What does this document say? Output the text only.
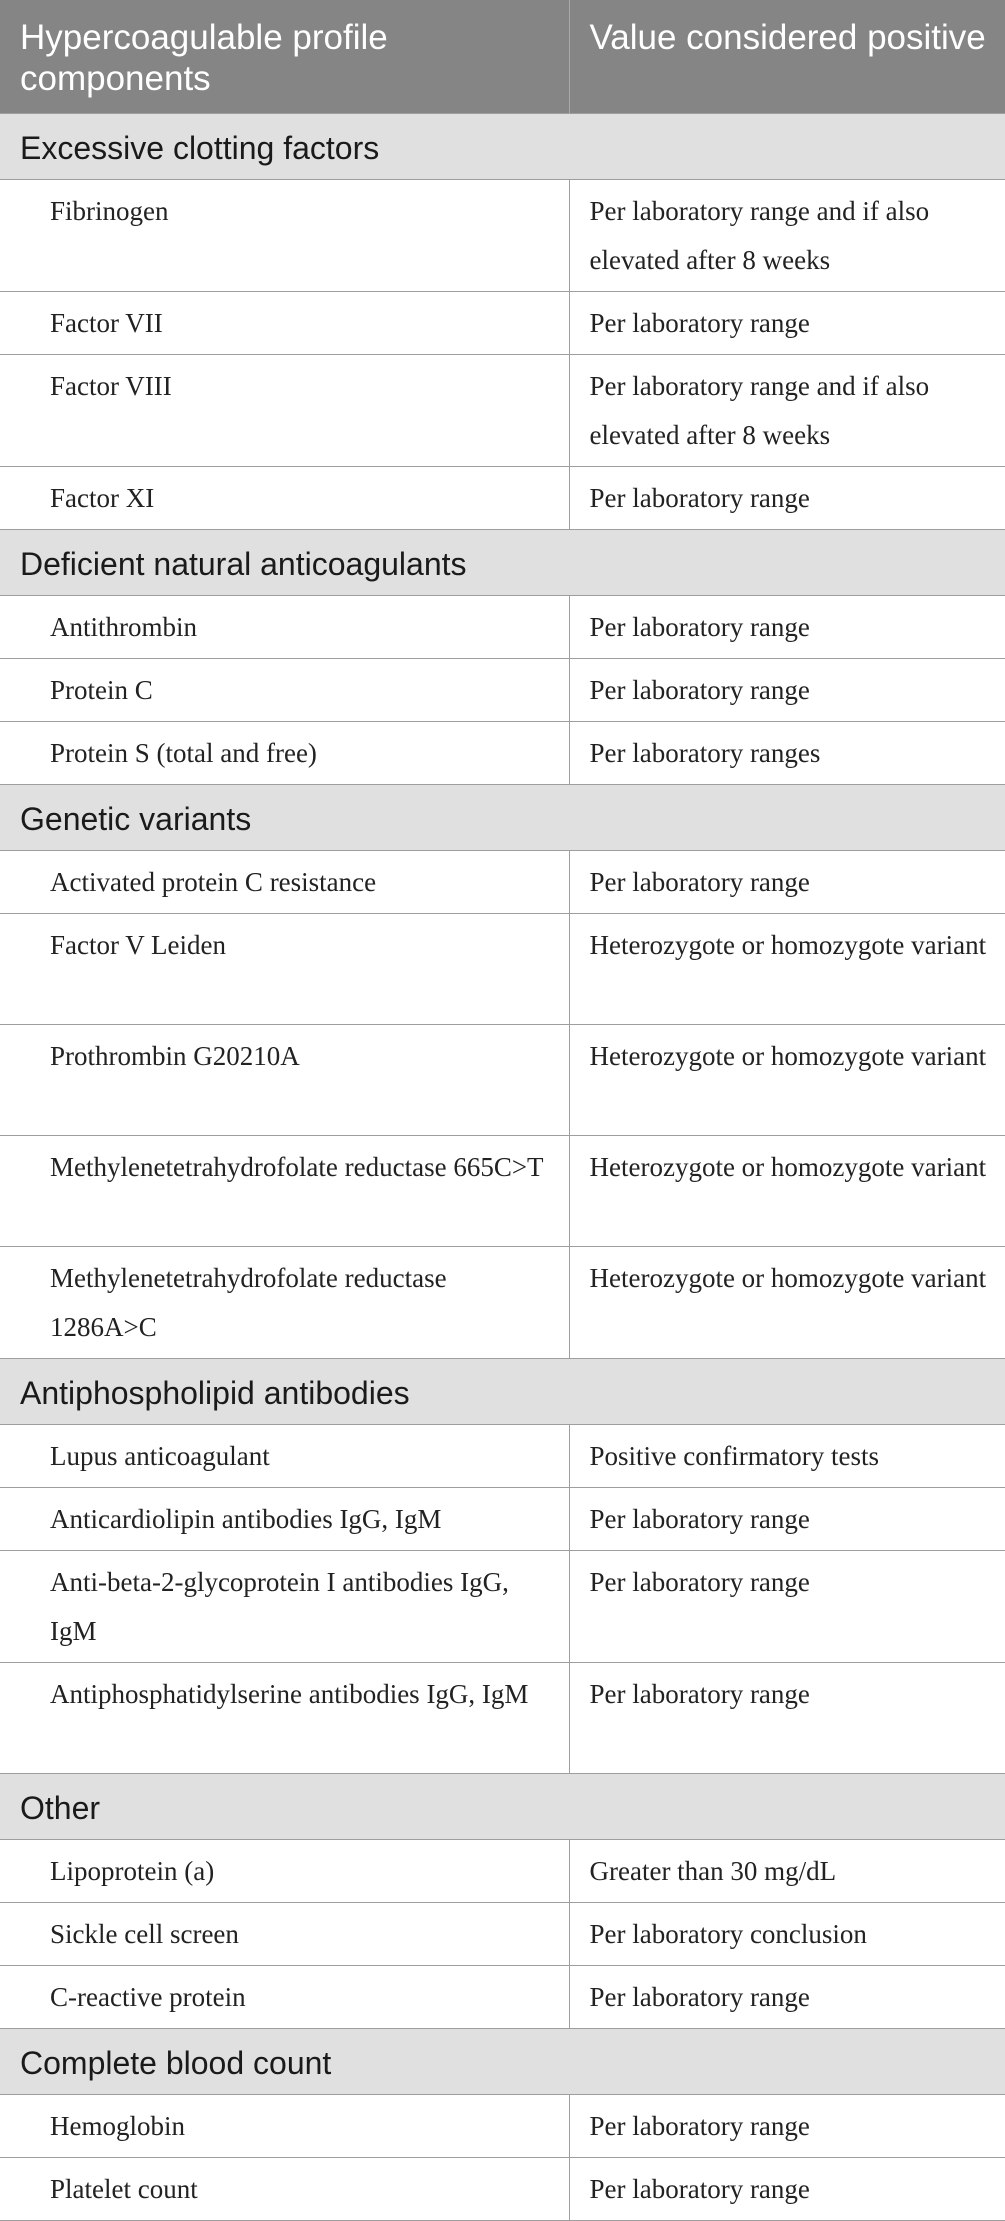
Hypercoagulable profile components	Value considered positive
Excessive clotting factors	
Fibrinogen	Per laboratory range and if also elevated after 8 weeks
Factor VII	Per laboratory range
Factor VIII	Per laboratory range and if also elevated after 8 weeks
Factor XI	Per laboratory range
Deficient natural anticoagulants	
Antithrombin	Per laboratory range
Protein C	Per laboratory range
Protein S (total and free)	Per laboratory ranges
Genetic variants	
Activated protein C resistance	Per laboratory range
Factor V Leiden	Heterozygote or homozygote variant
Prothrombin G20210A	Heterozygote or homozygote variant
Methylenetetrahydrofolate reductase 665C>T	Heterozygote or homozygote variant
Methylenetetrahydrofolate reductase 1286A>C	Heterozygote or homozygote variant
Antiphospholipid antibodies	
Lupus anticoagulant	Positive confirmatory tests
Anticardiolipin antibodies IgG, IgM	Per laboratory range
Anti-beta-2-glycoprotein I antibodies IgG, IgM	Per laboratory range
Antiphosphatidylserine antibodies IgG, IgM	Per laboratory range
Other	
Lipoprotein (a)	Greater than 30 mg/dL
Sickle cell screen	Per laboratory conclusion
C-reactive protein	Per laboratory range
Complete blood count	
Hemoglobin	Per laboratory range
Platelet count	Per laboratory range
